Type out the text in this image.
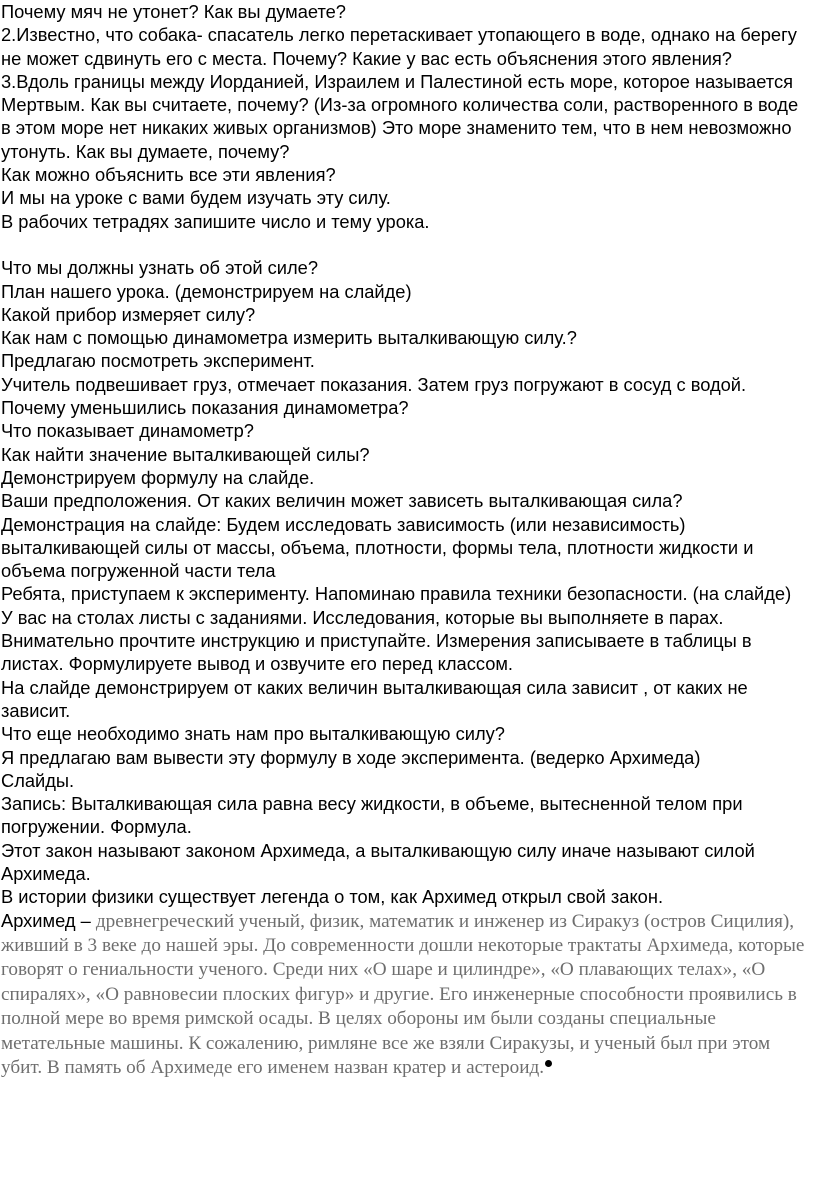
Почему мяч не утонет? Как вы думаете?

2.Известно, что собака- спасатель легко перетаскивает утопающего в воде, однако на берегу не может сдвинуть его с места. Почему? Какие у вас есть объяснения этого явления?

3.Вдоль границы между Иорданией, Израилем и Палестиной есть море, которое называется Мертвым. Как вы считаете, почему? (Из-за огромного количества соли, растворенного в воде в этом море нет никаких живых организмов) Это море знаменито тем, что в нем невозможно утонуть. Как вы думаете, почему?

Как можно объяснить все эти явления?

И мы на уроке с вами будем изучать эту силу.

В рабочих тетрадях запишите число и тему урока.

Что мы должны узнать об этой силе?

План нашего урока. (демонстрируем на слайде)

Какой прибор измеряет силу?

Как нам с помощью динамометра измерить выталкивающую силу.?

Предлагаю посмотреть эксперимент.

Учитель подвешивает груз, отмечает показания. Затем груз погружают в сосуд с водой.

Почему уменьшились показания динамометра?

Что показывает динамометр?

Как найти значение выталкивающей силы?

Демонстрируем формулу на слайде.

Ваши предположения. От каких величин может зависеть выталкивающая сила?

Демонстрация на слайде: Будем исследовать зависимость (или независимость) выталкивающей силы от массы, объема, плотности, формы тела, плотности жидкости и объема погруженной части тела

Ребята, приступаем к эксперименту. Напоминаю правила техники безопасности. (на слайде)

У вас на столах листы с заданиями. Исследования, которые вы выполняете в парах. Внимательно прочтите инструкцию и приступайте. Измерения записываете в таблицы в листах. Формулируете вывод и озвучите его перед классом.

На слайде демонстрируем от каких величин выталкивающая сила зависит , от каких не зависит.

Что еще необходимо знать нам про выталкивающую силу?

Я предлагаю вам вывести эту формулу в ходе эксперимента. (ведерко Архимеда)

Слайды.

Запись: Выталкивающая сила равна весу жидкости, в объеме, вытесненной телом при погружении. Формула.

Этот закон называют законом Архимеда, а выталкивающую силу иначе называют силой Архимеда.

В истории физики существует легенда о том, как Архимед открыл свой закон.

Архимед – древнегреческий ученый, физик, математик и инженер из Сиракуз (остров Сицилия), живший в 3 веке до нашей эры. До современности дошли некоторые трактаты Архимеда, которые говорят о гениальности ученого. Среди них «О шаре и цилиндре», «О плавающих телах», «О спиралях», «О равновесии плоских фигур» и другие. Его инженерные способности проявились в полной мере во время римской осады. В целях обороны им были созданы специальные метательные машины. К сожалению, римляне все же взяли Сиракузы, и ученый был при этом убит. В память об Архимеде его именем назван кратер и астероид.
